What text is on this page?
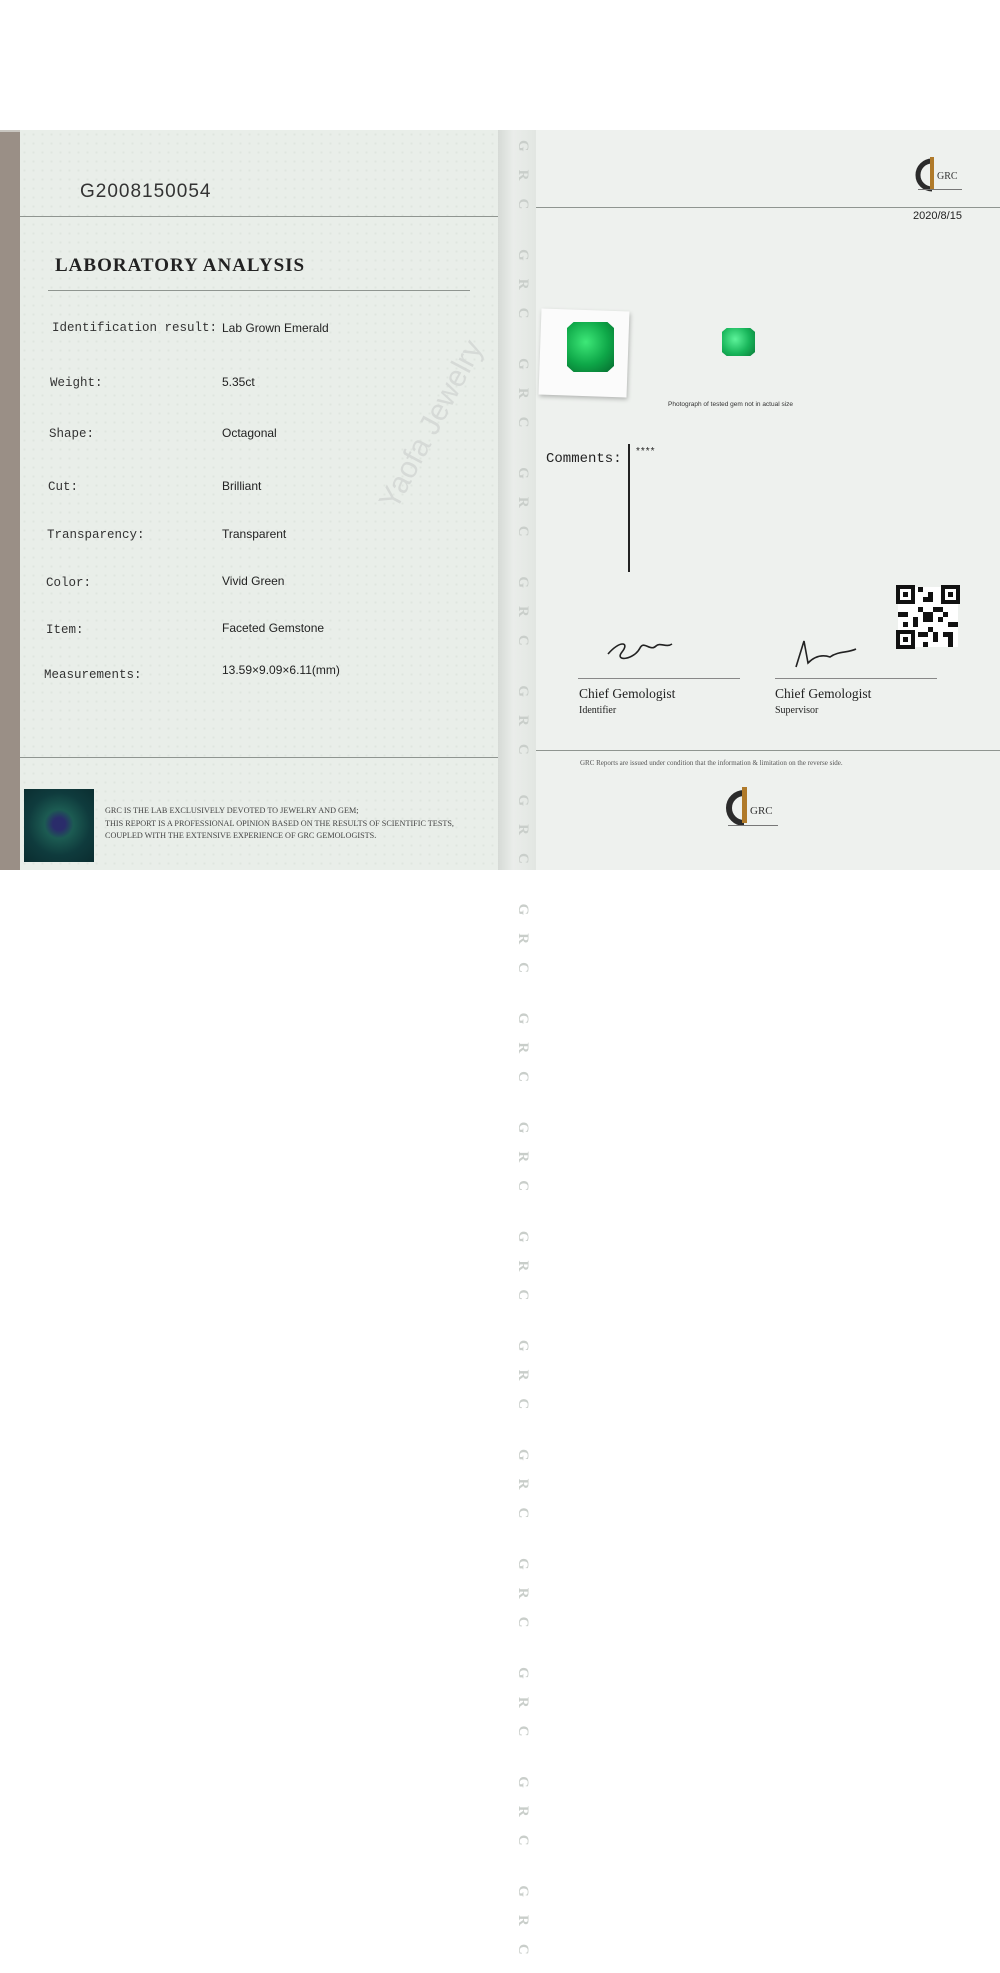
G2008150054
LABORATORY ANALYSIS
Identification result: Lab Grown Emerald
Weight:	5.35ct
Shape:	Octagonal
Cut:	Brilliant
Transparency:	Transparent
Color:	Vivid Green
Item:	Faceted Gemstone
Measurements:	13.59×9.09×6.11(mm)
GRC IS THE LAB EXCLUSIVELY DEVOTED TO JEWELRY AND GEM;
THIS REPORT IS A PROFESSIONAL OPINION BASED ON THE RESULTS OF SCIENTIFIC TESTS,
COUPLED WITH THE EXTENSIVE EXPERIENCE OF GRC GEMOLOGISTS.	GRC GRC GRC GRC GRC GRC GRC GRC GRC GRC GRC GRC GRC GRC GRC GRC GRC	GRC
2020/8/15
Photograph of tested gem not in actual size
Comments: ****
Chief Gemologist
Identifier
Chief Gemologist
Supervisor
GRC Reports are issued under condition that the information & limitation on the reverse side.
GRC
Yaofa Jewelry
